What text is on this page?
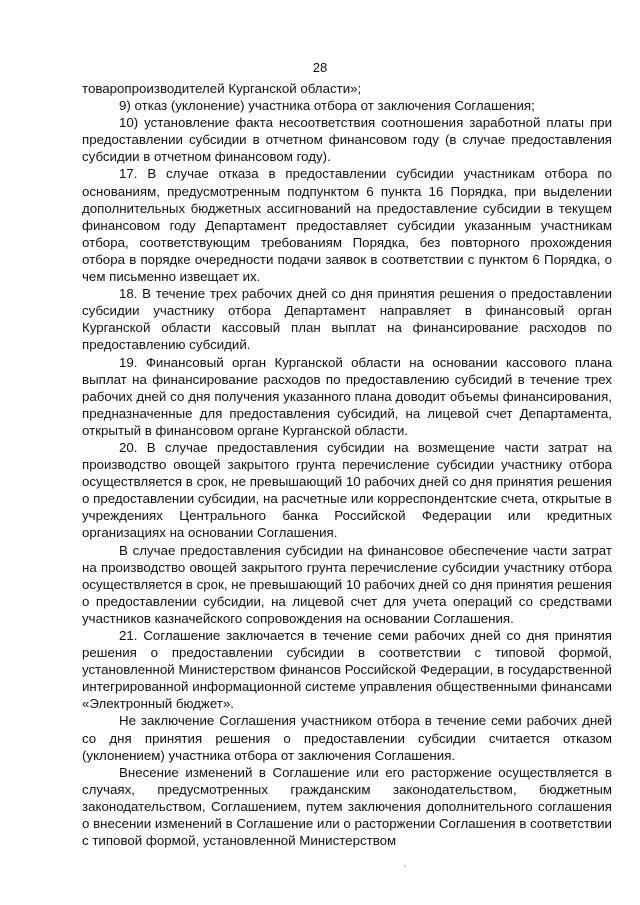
28

товаропроизводителей Курганской области»;

9) отказ (уклонение) участника отбора от заключения Соглашения;

10) установление факта несоответствия соотношения заработной платы при предоставлении субсидии в отчетном финансовом году (в случае предоставления субсидии в отчетном финансовом году).

17. В случае отказа в предоставлении субсидии участникам отбора по основаниям, предусмотренным подпунктом 6 пункта 16 Порядка, при выделении дополнительных бюджетных ассигнований на предоставление субсидии в текущем финансовом году Департамент предоставляет субсидии указанным участникам отбора, соответствующим требованиям Порядка, без повторного прохождения отбора в порядке очередности подачи заявок в соответствии с пунктом 6 Порядка, о чем письменно извещает их.

18. В течение трех рабочих дней со дня принятия решения о предоставлении субсидии участнику отбора Департамент направляет в финансовый орган Курганской области кассовый план выплат на финансирование расходов по предоставлению субсидий.

19. Финансовый орган Курганской области на основании кассового плана выплат на финансирование расходов по предоставлению субсидий в течение трех рабочих дней со дня получения указанного плана доводит объемы финансирования, предназначенные для предоставления субсидий, на лицевой счет Департамента, открытый в финансовом органе Курганской области.

20. В случае предоставления субсидии на возмещение части затрат на производство овощей закрытого грунта перечисление субсидии участнику отбора осуществляется в срок, не превышающий 10 рабочих дней со дня принятия решения о предоставлении субсидии, на расчетные или корреспондентские счета, открытые в учреждениях Центрального банка Российской Федерации или кредитных организациях на основании Соглашения.

В случае предоставления субсидии на финансовое обеспечение части затрат на производство овощей закрытого грунта перечисление субсидии участнику отбора осуществляется в срок, не превышающий 10 рабочих дней со дня принятия решения о предоставлении субсидии, на лицевой счет для учета операций со средствами участников казначейского сопровождения на основании Соглашения.

21. Соглашение заключается в течение семи рабочих дней со дня принятия решения о предоставлении субсидии в соответствии с типовой формой, установленной Министерством финансов Российской Федерации, в государственной интегрированной информационной системе управления общественными финансами «Электронный бюджет».

Не заключение Соглашения участником отбора в течение семи рабочих дней со дня принятия решения о предоставлении субсидии считается отказом (уклонением) участника отбора от заключения Соглашения.

Внесение изменений в Соглашение или его расторжение осуществляется в случаях, предусмотренных гражданским законодательством, бюджетным законодательством, Соглашением, путем заключения дополнительного соглашения о внесении изменений в Соглашение или о расторжении Соглашения в соответствии с типовой формой, установленной Министерством
